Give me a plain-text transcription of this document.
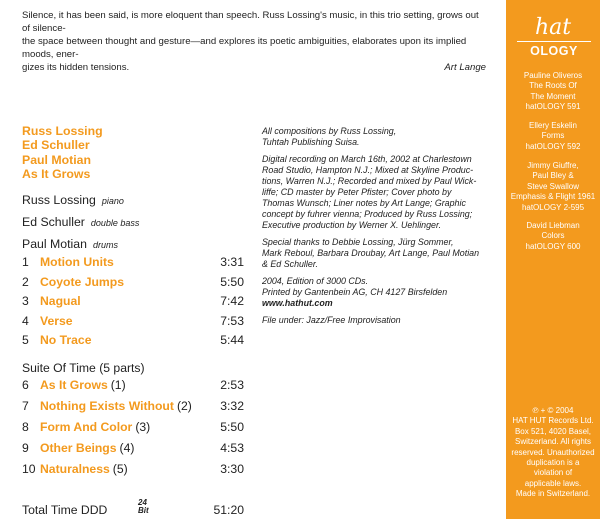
Silence, it has been said, is more eloquent than speech. Russ Lossing's music, in this trio setting, grows out of silence-
the space between thought and gesture—and explores its poetic ambiguities, elaborates upon its implied moods, ener-
gizes its hidden tensions.	Art Lange
Russ Lossing
Ed Schuller
Paul Motian
As It Grows
Russ Lossing piano
Ed Schuller double bass
Paul Motian drums
1 Motion Units	3:31
2 Coyote Jumps	5:50
3 Nagual	7:42
4 Verse	7:53
5 No Trace	5:44
Suite Of Time (5 parts)
6 As It Grows (1)	2:53
7 Nothing Exists Without (2) 3:32
8 Form And Color (3)	5:50
9 Other Beings (4)	4:53
10 Naturalness (5)	3:30
Total Time DDD
24
Bit	51:20

All compositions by Russ Lossing,
Tuhtah Publishing Suisa.

Digital recording on March 16th, 2002 at Charlestown
Road Studio, Hampton N.J.; Mixed at Skyline Produc-
tions, Warren N.J.; Recorded and mixed by Paul Wick-
liffe; CD master by Peter Pfister; Cover photo by
Thomas Wunsch; Liner notes by Art Lange; Graphic
concept by fuhrer vienna; Produced by Russ Lossing;
Executive production by Werner X. Uehlinger.

Special thanks to Debbie Lossing, Jürg Sommer,
Mark Reboul, Barbara Droubay, Art Lange, Paul Motian
& Ed Schuller.

2004, Edition of 3000 CDs.
Printed by Gantenbein AG, CH 4127 Birsfelden
www.hathut.com

File under: Jazz/Free Improvisation

hat
OLOGY
Pauline Oliveros
The Roots Of
The Moment
hatOLOGY 591
Ellery Eskelin
Forms
hatOLOGY 592
Jimmy Giuffre,
Paul Bley &
Steve Swallow
Emphasis & Flight 1961
hatOLOGY 2-595
David Liebman
Colors
hatOLOGY 600
℗ + © 2004
HAT HUT Records Ltd.
Box 521, 4020 Basel,
Switzerland. All rights
reserved. Unauthorized
duplication is a
violation of
applicable laws.
Made in Switzerland.
